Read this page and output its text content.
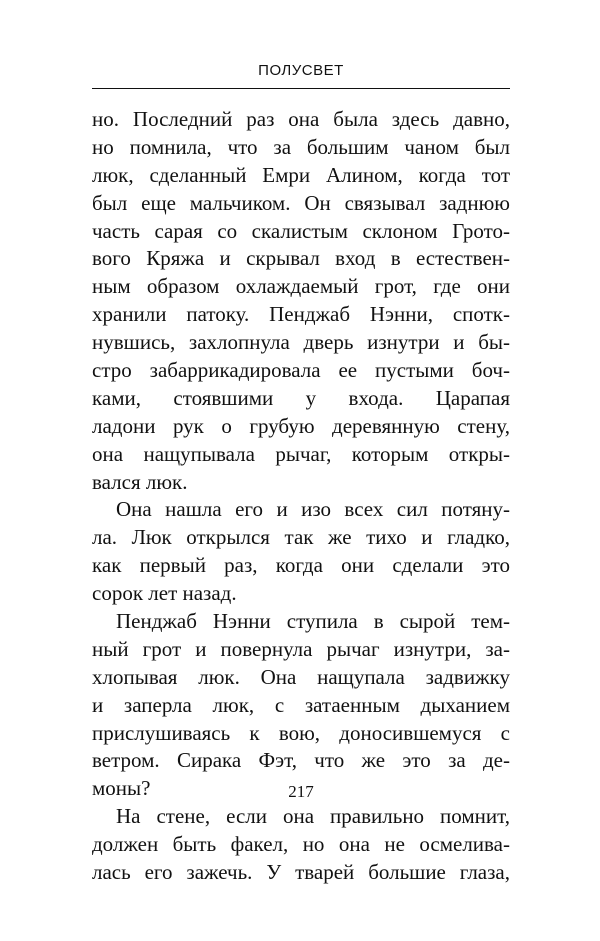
ПОЛУСВЕТ
но. Последний раз она была здесь давно,
но помнила, что за большим чаном был
люк, сделанный Емри Алином, когда тот
был еще мальчиком. Он связывал заднюю
часть сарая со скалистым склоном Грото-
вого Кряжа и скрывал вход в естествен-
ным образом охлаждаемый грот, где они
хранили патоку. Пенджаб Нэнни, спотк-
нувшись, захлопнула дверь изнутри и бы-
стро забаррикадировала ее пустыми боч-
ками, стоявшими у входа. Царапая
ладони рук о грубую деревянную стену,
она нащупывала рычаг, которым откры-
вался люк.
Она нашла его и изо всех сил потяну-
ла. Люк открылся так же тихо и гладко,
как первый раз, когда они сделали это
сорок лет назад.
Пенджаб Нэнни ступила в сырой тем-
ный грот и повернула рычаг изнутри, за-
хлопывая люк. Она нащупала задвижку
и заперла люк, с затаенным дыханием
прислушиваясь к вою, доносившемуся с
ветром. Сирака Фэт, что же это за де-
моны?
На стене, если она правильно помнит,
должен быть факел, но она не осмелива-
лась его зажечь. У тварей большие глаза,
217
